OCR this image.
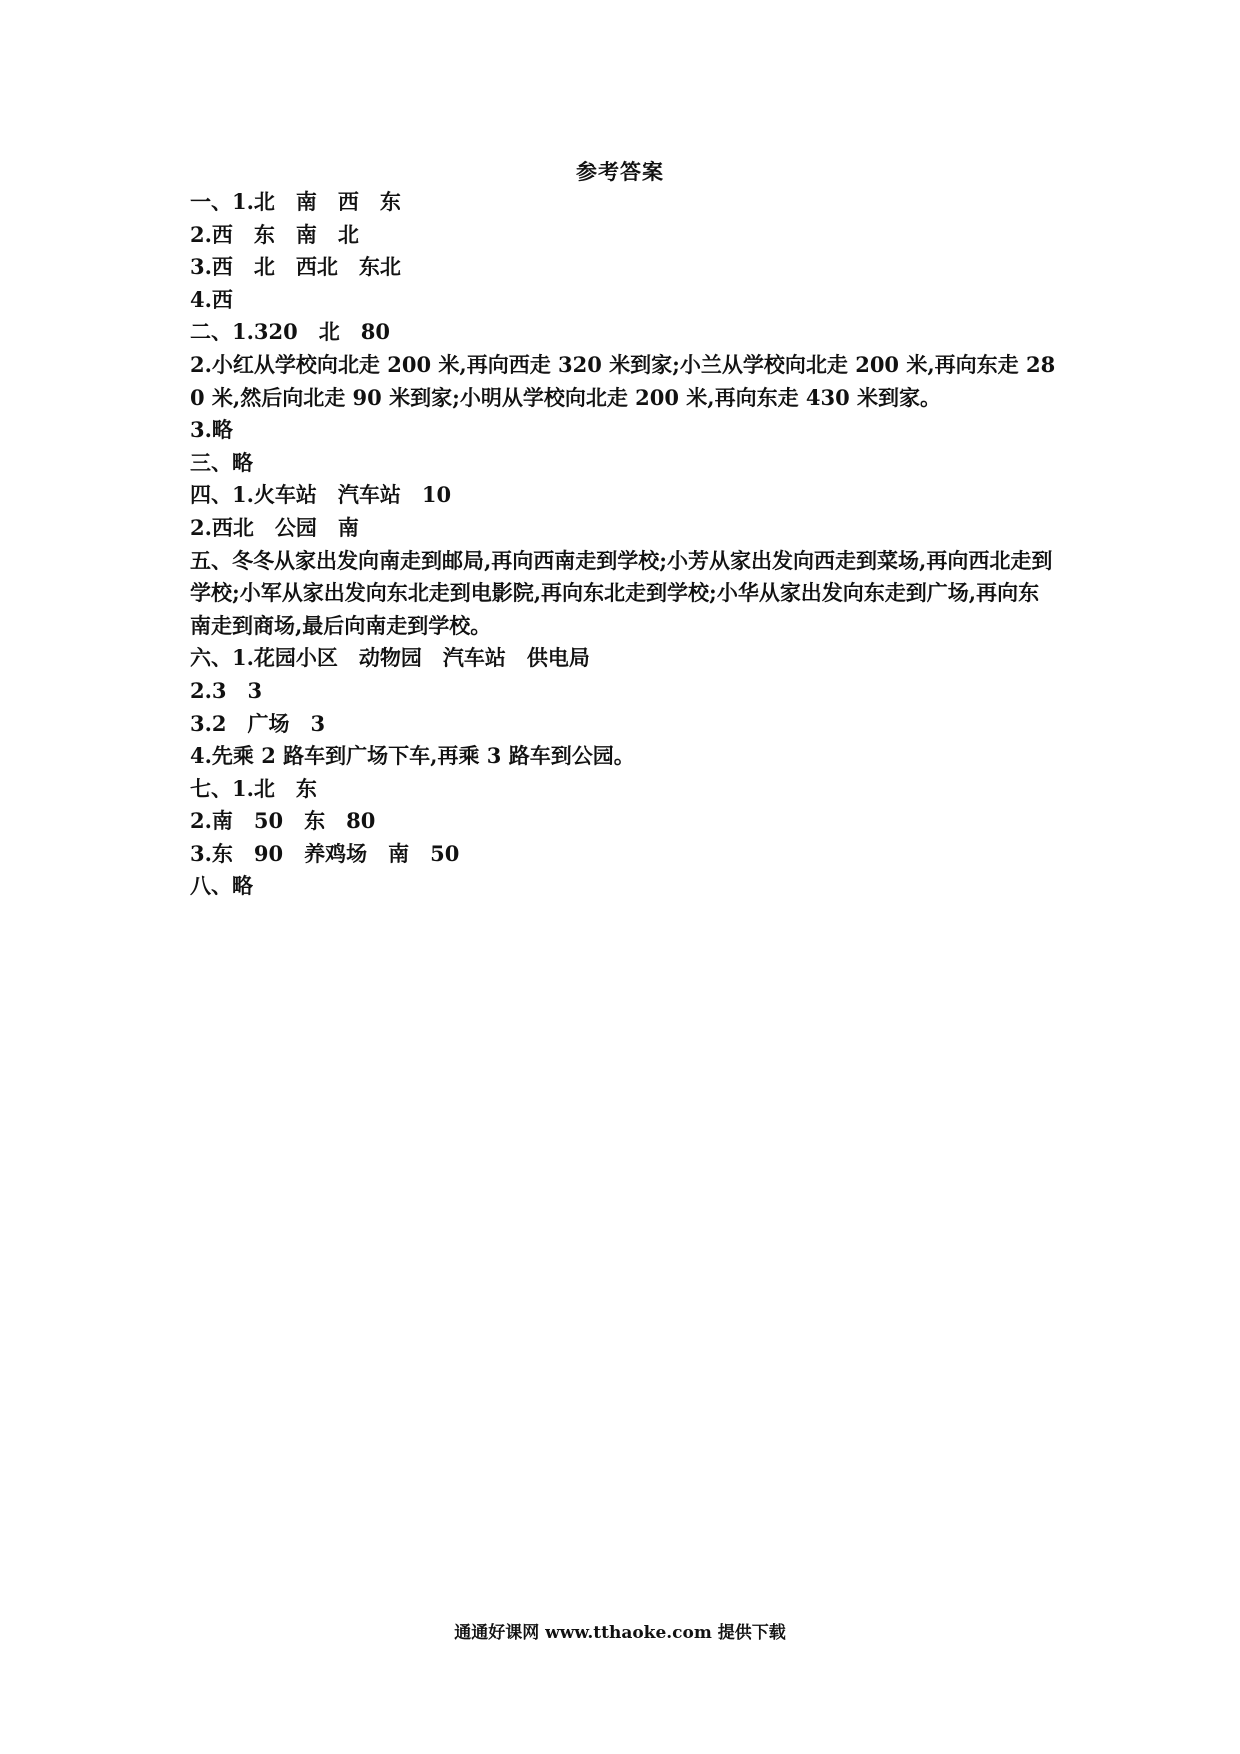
参考答案
一、1.北　南　西　东
2.西　东　南　北
3.西　北　西北　东北
4.西
二、1.320　北　80
2.小红从学校向北走 200 米,再向西走 320 米到家;小兰从学校向北走 200 米,再向东走 280 米,然后向北走 90 米到家;小明从学校向北走 200 米,再向东走 430 米到家。
3.略
三、略
四、1.火车站　汽车站　10
2.西北　公园　南
五、冬冬从家出发向南走到邮局,再向西南走到学校;小芳从家出发向西走到菜场,再向西北走到学校;小军从家出发向东北走到电影院,再向东北走到学校;小华从家出发向东走到广场,再向东南走到商场,最后向南走到学校。
六、1.花园小区　动物园　汽车站　供电局
2.3　3
3.2　广场　3
4.先乘 2 路车到广场下车,再乘 3 路车到公园。
七、1.北　东
2.南　50　东　80
3.东　90　养鸡场　南　50
八、略
通通好课网 www.tthaoke.com 提供下载
